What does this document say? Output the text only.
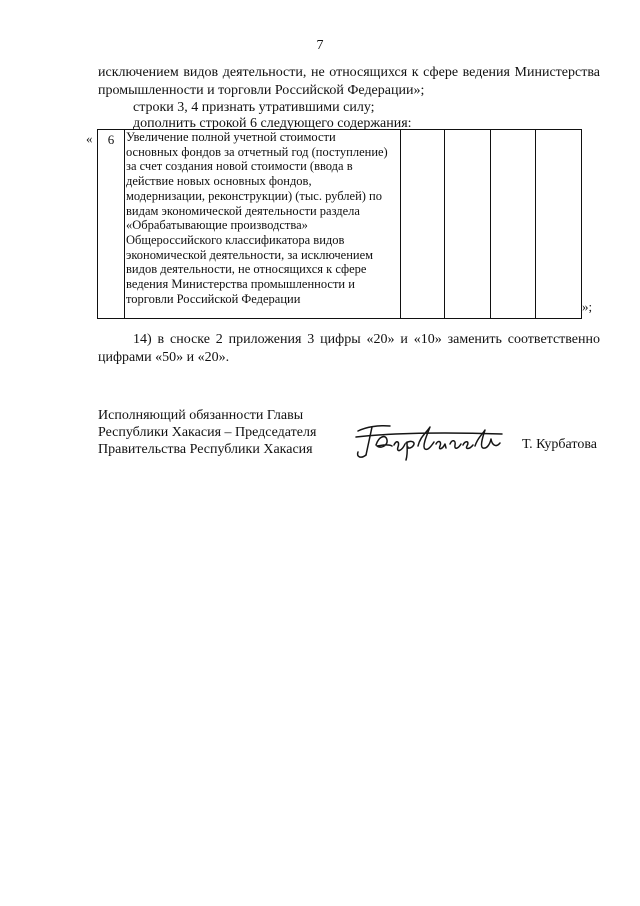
7
исключением видов деятельности, не относящихся к сфере ведения Министерства
промышленности и торговли Российской Федерации»;
строки 3, 4 признать утратившими силу;
дополнить строкой 6 следующего содержания:
« 6	Увеличение полной учетной стоимости
основных фондов за отчетный год (поступление)
за счет создания новой стоимости (ввода в
действие новых основных фондов,
модернизации, реконструкции) (тыс. рублей) по
видам экономической деятельности раздела
«Обрабатывающие производства»
Общероссийского классификатора видов
экономической деятельности, за исключением
видов деятельности, не относящихся к сфере
ведения Министерства промышленности и
торговли Российской Федерации

»;
14) в сноске 2 приложения 3 цифры «20» и «10» заменить соответственно
цифрами «50» и «20».
Исполняющий обязанности Главы
Республики Хакасия – Председателя
Правительства Республики Хакасия	Т. Курбатова
